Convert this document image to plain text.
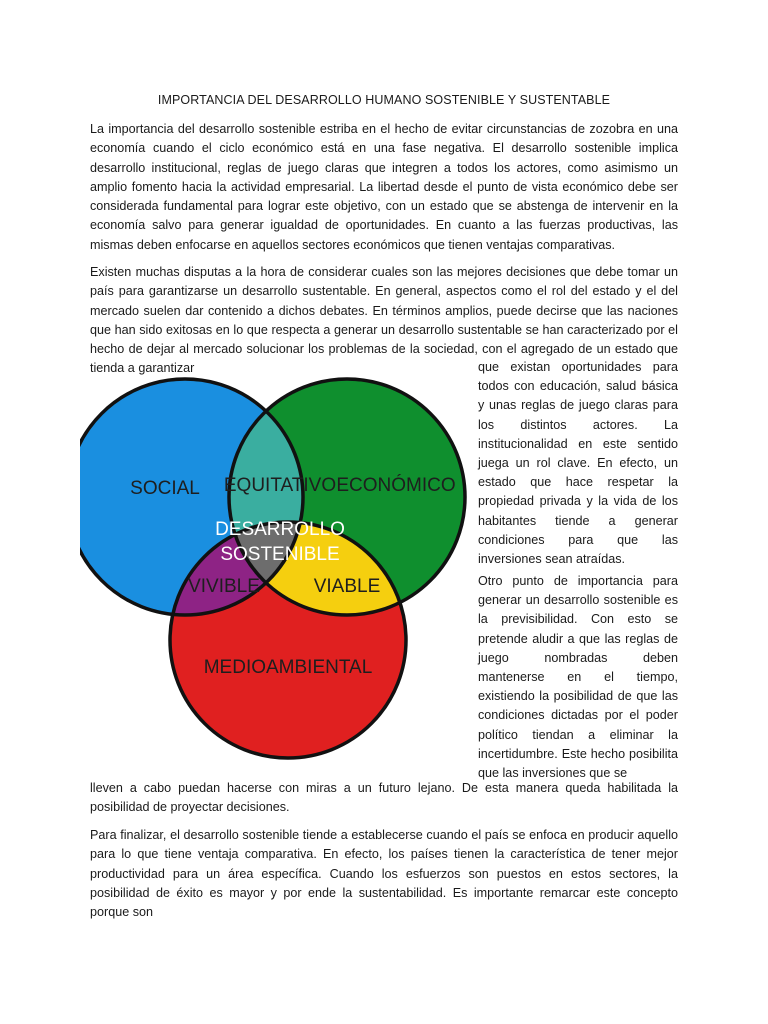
IMPORTANCIA DEL DESARROLLO HUMANO SOSTENIBLE Y SUSTENTABLE

La importancia del desarrollo sostenible estriba en el hecho de evitar circunstancias de zozobra en una economía cuando el ciclo económico está en una fase negativa. El desarrollo sostenible implica desarrollo institucional, reglas de juego claras que integren a todos los actores, como asimismo un amplio fomento hacia la actividad empresarial. La libertad desde el punto de vista económico debe ser considerada fundamental para lograr este objetivo, con un estado que se abstenga de intervenir en la economía salvo para generar igualdad de oportunidades. En cuanto a las fuerzas productivas, las mismas deben enfocarse en aquellos sectores económicos que tienen ventajas comparativas.

Existen muchas disputas a la hora de considerar cuales son las mejores decisiones que debe tomar un país para garantizarse un desarrollo sustentable. En general, aspectos como el rol del estado y el del mercado suelen dar contenido a dichos debates. En términos amplios, puede decirse que las naciones que han sido exitosas en lo que respecta a generar un desarrollo sustentable se han caracterizado por el hecho de dejar al mercado solucionar los problemas de la sociedad, con el agregado de un estado que tienda a garantizar	que existan oportunidades para todos con educación, salud básica y unas reglas de juego claras para los distintos actores. La institucionalidad en este sentido juega un rol clave. En efecto, un estado que hace respetar la propiedad privada y la vida de los habitantes tiende a generar condiciones para que las inversiones sean atraídas.

Otro punto de importancia para generar un desarrollo sostenible es la previsibilidad. Con esto se pretende aludir a que las reglas de juego nombradas deben mantenerse en el tiempo, existiendo la posibilidad de que las condiciones dictadas por el poder político tiendan a eliminar la incertidumbre. Este hecho posibilita que las inversiones que se

lleven a cabo puedan hacerse con miras a un futuro lejano. De esta manera queda habilitada la posibilidad de proyectar decisiones.

Para finalizar, el desarrollo sostenible tiende a establecerse cuando el país se enfoca en producir aquello para lo que tiene ventaja comparativa. En efecto, los países tienen la característica de tener mejor productividad para un área específica. Cuando los esfuerzos son puestos en estos sectores, la posibilidad de éxito es mayor y por ende la sustentabilidad. Es importante remarcar este concepto porque son

SOCIAL	ECONÓMICO
MEDIOAMBIENTAL
EQUITATIVO
VIVIBLE	VIABLE
DESARROLLO
SOSTENIBLE
